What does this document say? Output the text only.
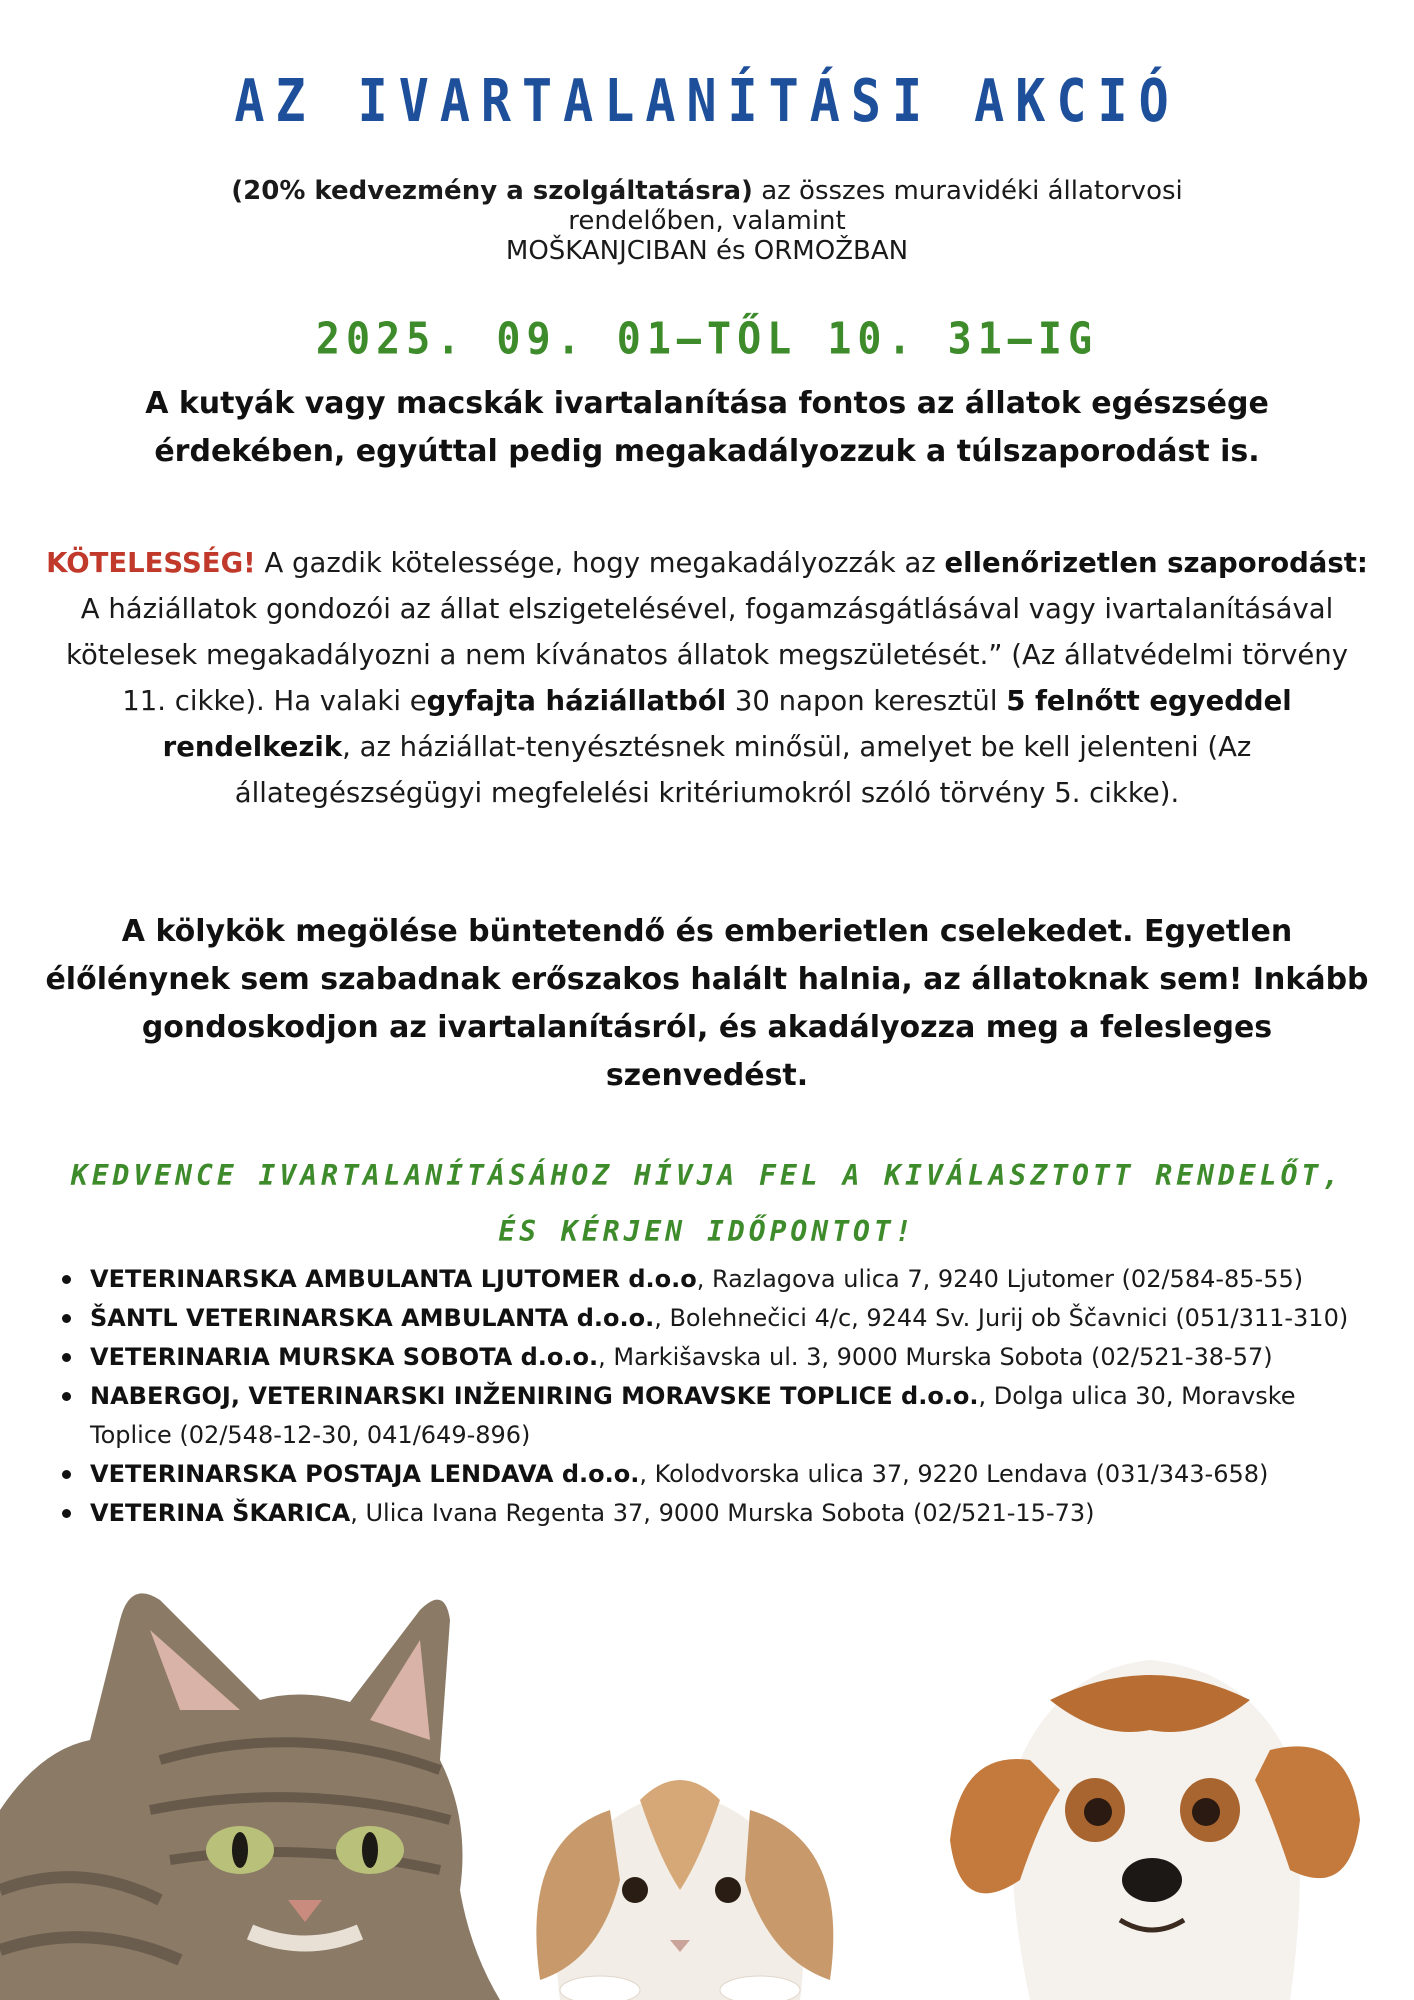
AZ IVARTALANÍTÁSI AKCIÓ
(20% kedvezmény a szolgáltatásra) az összes muravidéki állatorvosi
rendelőben, valamint
MOŠKANJCIBAN és ORMOŽBAN
2025. 09. 01–TŐL 10. 31–IG
A kutyák vagy macskák ivartalanítása fontos az állatok egészsége érdekében, egyúttal pedig megakadályozzuk a túlszaporodást is.
KÖTELESSÉG! A gazdik kötelessége, hogy megakadályozzák az ellenőrizetlen szaporodást: A háziállatok gondozói az állat elszigetelésével, fogamzásgátlásával vagy ivartalanításával kötelesek megakadályozni a nem kívánatos állatok megszületését.” (Az állatvédelmi törvény 11. cikke). Ha valaki egyfajta háziállatból 30 napon keresztül 5 felnőtt egyeddel rendelkezik, az háziállat-tenyésztésnek minősül, amelyet be kell jelenteni (Az állategészségügyi megfelelési kritériumokról szóló törvény 5. cikke).
A kölykök megölése büntetendő és emberietlen cselekedet. Egyetlen élőlénynek sem szabadnak erőszakos halált halnia, az állatoknak sem! Inkább gondoskodjon az ivartalanításról, és akadályozza meg a felesleges szenvedést.
KEDVENCE IVARTALANÍTÁSÁHOZ HÍVJA FEL A KIVÁLASZTOTT RENDELŐT,
ÉS KÉRJEN IDŐPONTOT!
VETERINARSKA AMBULANTA LJUTOMER d.o.o, Razlagova ulica 7, 9240 Ljutomer (02/584-85-55)
ŠANTL VETERINARSKA AMBULANTA d.o.o., Bolehnečici 4/c, 9244 Sv. Jurij ob Ščavnici (051/311-310)
VETERINARIA MURSKA SOBOTA d.o.o., Markišavska ul. 3, 9000 Murska Sobota (02/521-38-57)
NABERGOJ, VETERINARSKI INŽENIRING MORAVSKE TOPLICE d.o.o., Dolga ulica 30, Moravske Toplice (02/548-12-30, 041/649-896)
VETERINARSKA POSTAJA LENDAVA d.o.o., Kolodvorska ulica 37, 9220 Lendava (031/343-658)
VETERINA ŠKARICA, Ulica Ivana Regenta 37, 9000 Murska Sobota (02/521-15-73)
